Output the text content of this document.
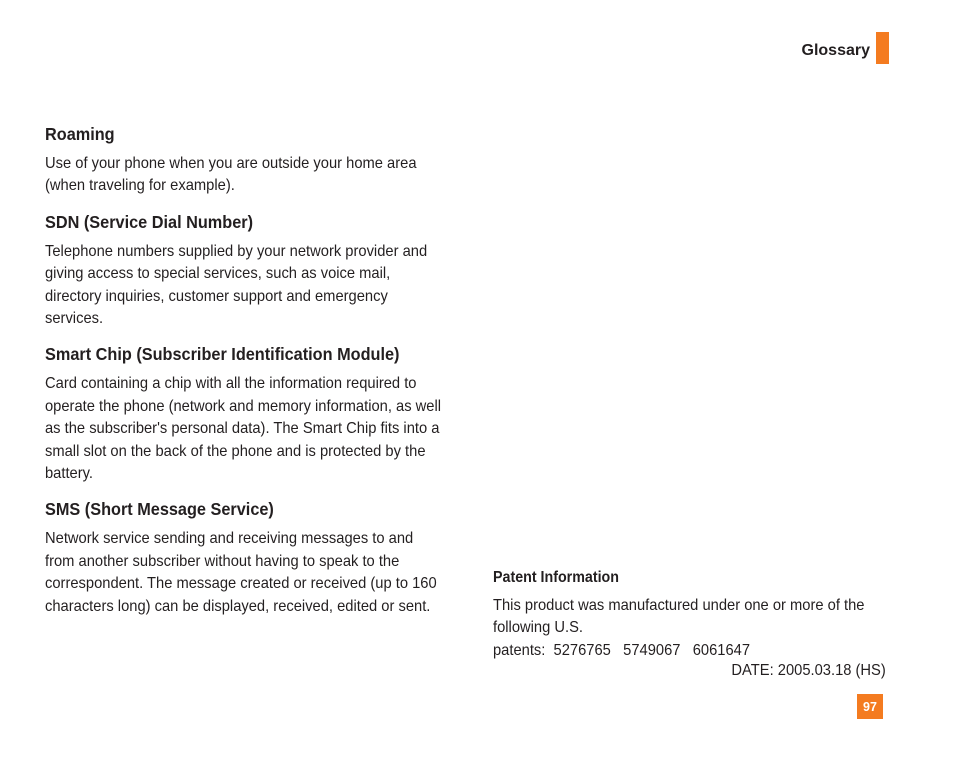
Glossary
Roaming

Use of your phone when you are outside your home area (when traveling for example).

SDN (Service Dial Number)

Telephone numbers supplied by your network provider and giving access to special services, such as voice mail, directory inquiries, customer support and emergency services.

Smart Chip (Subscriber Identification Module)

Card containing a chip with all the information required to operate the phone (network and memory information, as well as the subscriber's personal data). The Smart Chip fits into a small slot on the back of the phone and is protected by the battery.

SMS (Short Message Service)

Network service sending and receiving messages to and from another subscriber without having to speak to the correspondent. The message created or received (up to 160 characters long) can be displayed, received, edited or sent.

Patent Information
This product was manufactured under one or more of the following U.S.
patents:  5276765   5749067   6061647
DATE: 2005.03.18 (HS)
97
